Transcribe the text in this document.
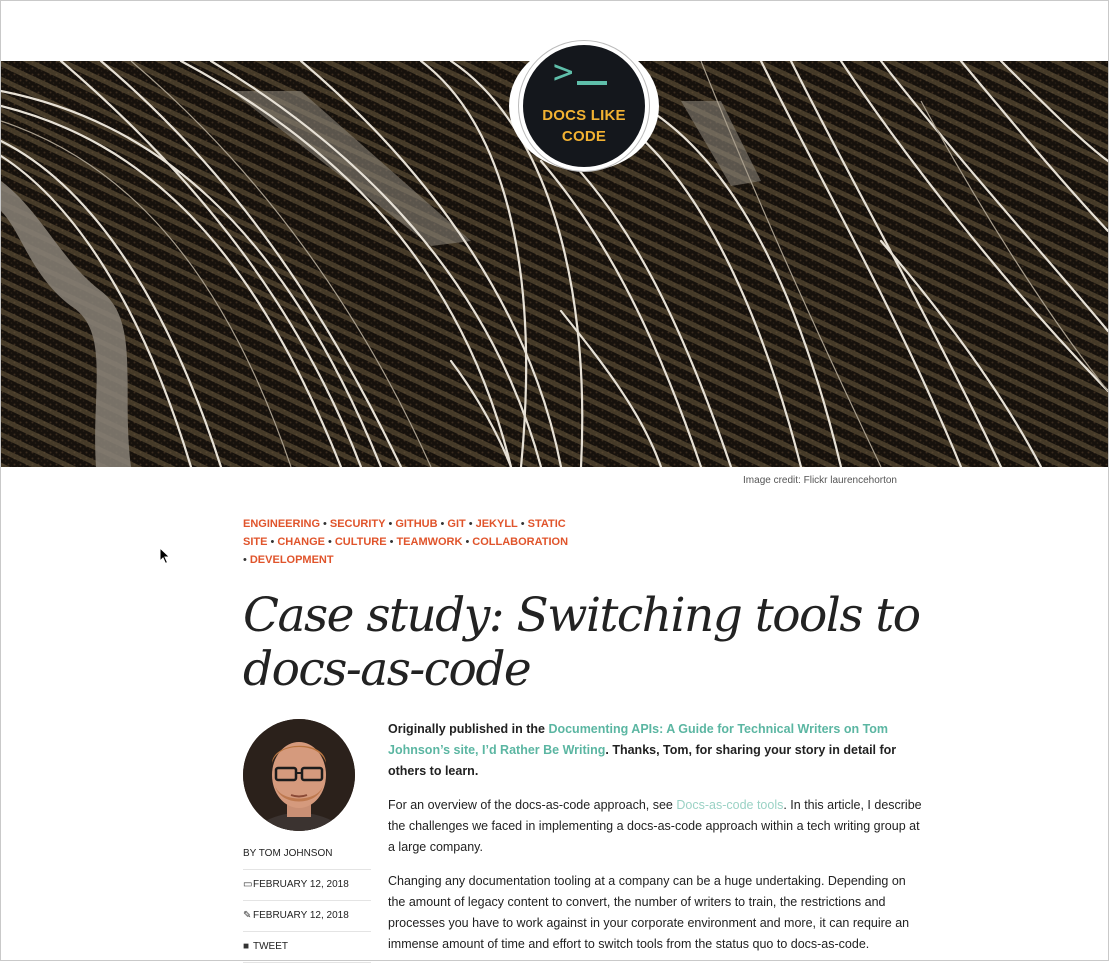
>
DOCS LIKE
CODE
Image credit: Flickr laurencehorton
ENGINEERING • SECURITY • GITHUB • GIT • JEKYLL • STATIC SITE • CHANGE • CULTURE • TEAMWORK • COLLABORATION
• DEVELOPMENT
Case study: Switching tools to
docs-as-code
BY TOM JOHNSON
▭FEBRUARY 12, 2018
✎ FEBRUARY 12, 2018
■ TWEET

Originally published in the Documenting APIs: A Guide for Technical Writers on Tom Johnson’s site, I’d Rather Be Writing. Thanks, Tom, for sharing your story in detail for others to learn.

For an overview of the docs-as-code approach, see Docs-as-code tools. In this article, I describe the challenges we faced in implementing a docs-as-code approach within a tech writing group at a large company.

Changing any documentation tooling at a company can be a huge undertaking. Depending on the amount of legacy content to convert, the number of writers to train, the restrictions and processes you have to work against in your corporate environment and more, it can require an immense amount of time and effort to switch tools from the status quo to docs-as-code.
